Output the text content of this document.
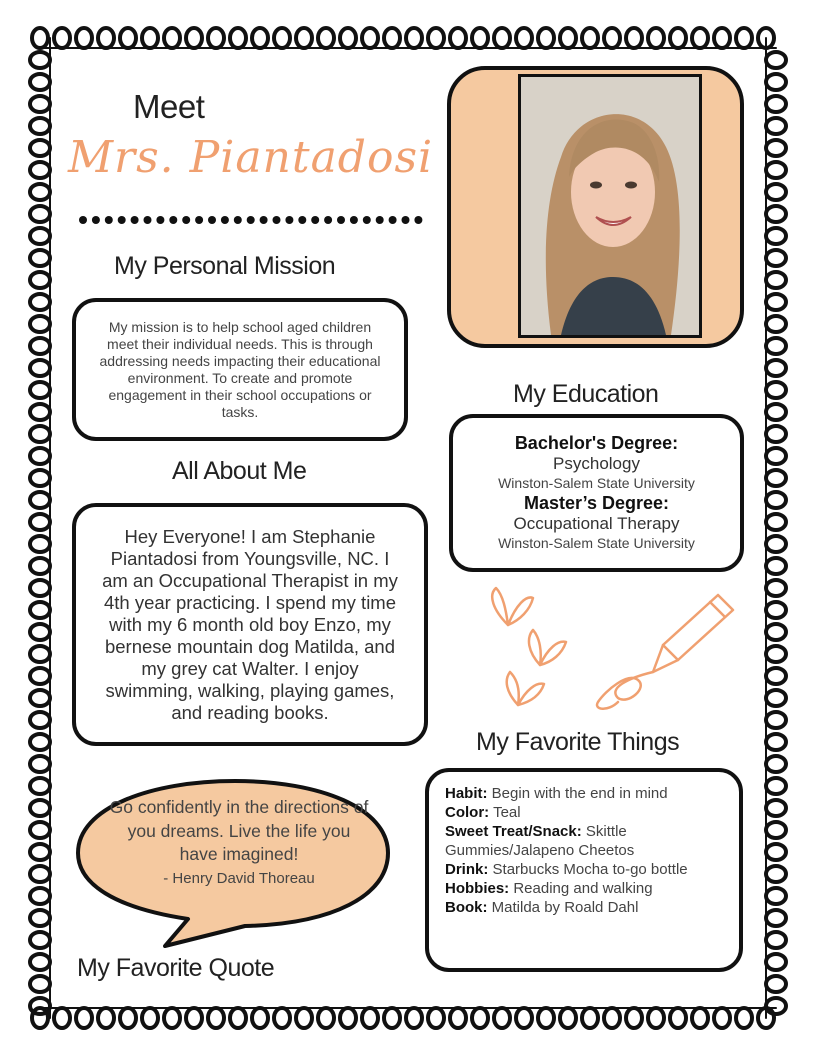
Meet
Mrs. Piantadosi
My Personal Mission
My mission is to help school aged children meet their individual needs. This is through addressing needs impacting their educational environment. To create and promote engagement in their school occupations or tasks.
All About Me
Hey Everyone! I am Stephanie Piantadosi from Youngsville, NC. I am an Occupational Therapist in my 4th year practicing. I spend my time with my 6 month old boy Enzo, my bernese mountain dog Matilda, and my grey cat Walter. I enjoy swimming, walking, playing games, and reading books.
Go confidently in the directions of you dreams. Live the life you have imagined!
- Henry David Thoreau
My Favorite Quote
My Education
Bachelor's Degree:
Psychology
Winston-Salem State University
Master’s Degree:
Occupational Therapy
Winston-Salem State University
My Favorite Things
Habit: Begin with the end in mind
Color: Teal
Sweet Treat/Snack: Skittle Gummies/Jalapeno Cheetos
Drink: Starbucks Mocha to-go bottle
Hobbies: Reading and walking
Book: Matilda by Roald Dahl
